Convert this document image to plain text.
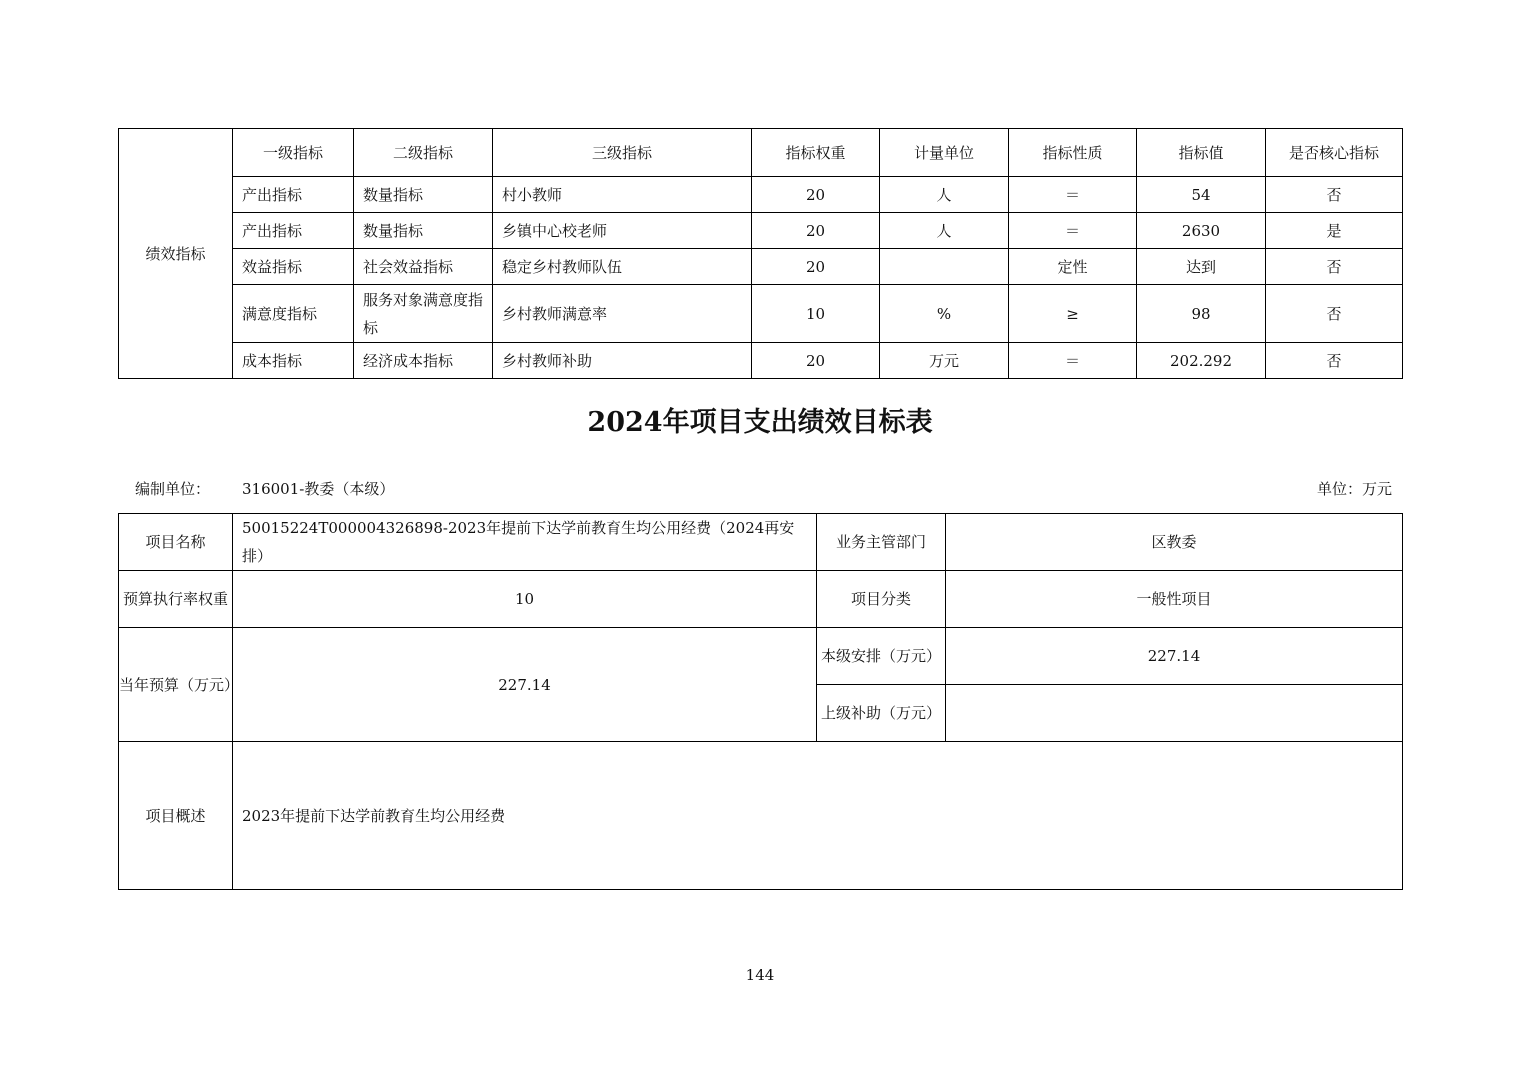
绩效指标	一级指标	二级指标	三级指标	指标权重	计量单位	指标性质	指标值	是否核心指标
	产出指标	数量指标	村小教师	20	人	＝	54	否
	产出指标	数量指标	乡镇中心校老师	20	人	＝	2630	是
	效益指标	社会效益指标	稳定乡村教师队伍	20		定性	达到	否
	满意度指标	服务对象满意度指标	乡村教师满意率	10	%	≥	98	否
	成本指标	经济成本指标	乡村教师补助	20	万元	＝	202.292	否
2024年项目支出绩效目标表
编制单位： 316001-教委（本级）	单位：万元
项目名称	50015224T000004326898-2023年提前下达学前教育生均公用经费（2024再安排）	业务主管部门	区教委
预算执行率权重	10	项目分类	一般性项目
当年预算（万元）	227.14	本级安排（万元）	227.14
		上级补助（万元）	
项目概述	2023年提前下达学前教育生均公用经费		
144
